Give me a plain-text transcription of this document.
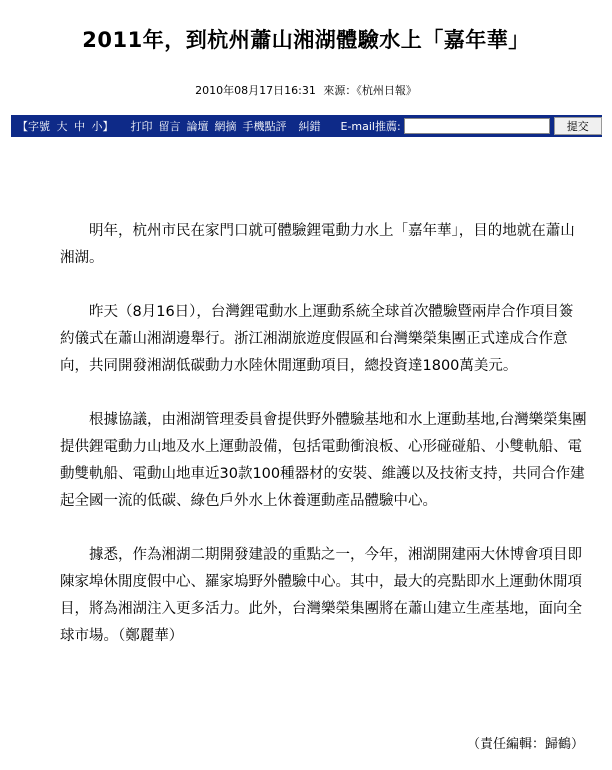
2011年，到杭州蕭山湘湖體驗水上「嘉年華」
2010年08月17日16:31 來源：《杭州日報》
【字號 大 中 小】 打印 留言 論壇 網摘 手機點評 糾錯 E-mail推薦:	提交

明年，杭州市民在家門口就可體驗鋰電動力水上「嘉年華」，目的地就在蕭山湘湖。

昨天（8月16日），台灣鋰電動水上運動系統全球首次體驗暨兩岸合作項目簽約儀式在蕭山湘湖邊舉行。浙江湘湖旅遊度假區和台灣樂榮集團正式達成合作意向，共同開發湘湖低碳動力水陸休閒運動項目，總投資達1800萬美元。

根據協議，由湘湖管理委員會提供野外體驗基地和水上運動基地,台灣樂榮集團提供鋰電動力山地及水上運動設備，包括電動衝浪板、心形碰碰船、小雙軌船、電動雙軌船、電動山地車近30款100種器材的安裝、維護以及技術支持，共同合作建起全國一流的低碳、綠色戶外水上休養運動產品體驗中心。

據悉，作為湘湖二期開發建設的重點之一，今年，湘湖開建兩大休博會項目即陳家埠休閒度假中心、羅家塢野外體驗中心。其中，最大的亮點即水上運動休閒項目，將為湘湖注入更多活力。此外，台灣樂榮集團將在蕭山建立生產基地，面向全球市場。（鄭麗華）

（責任編輯：歸鶴）
